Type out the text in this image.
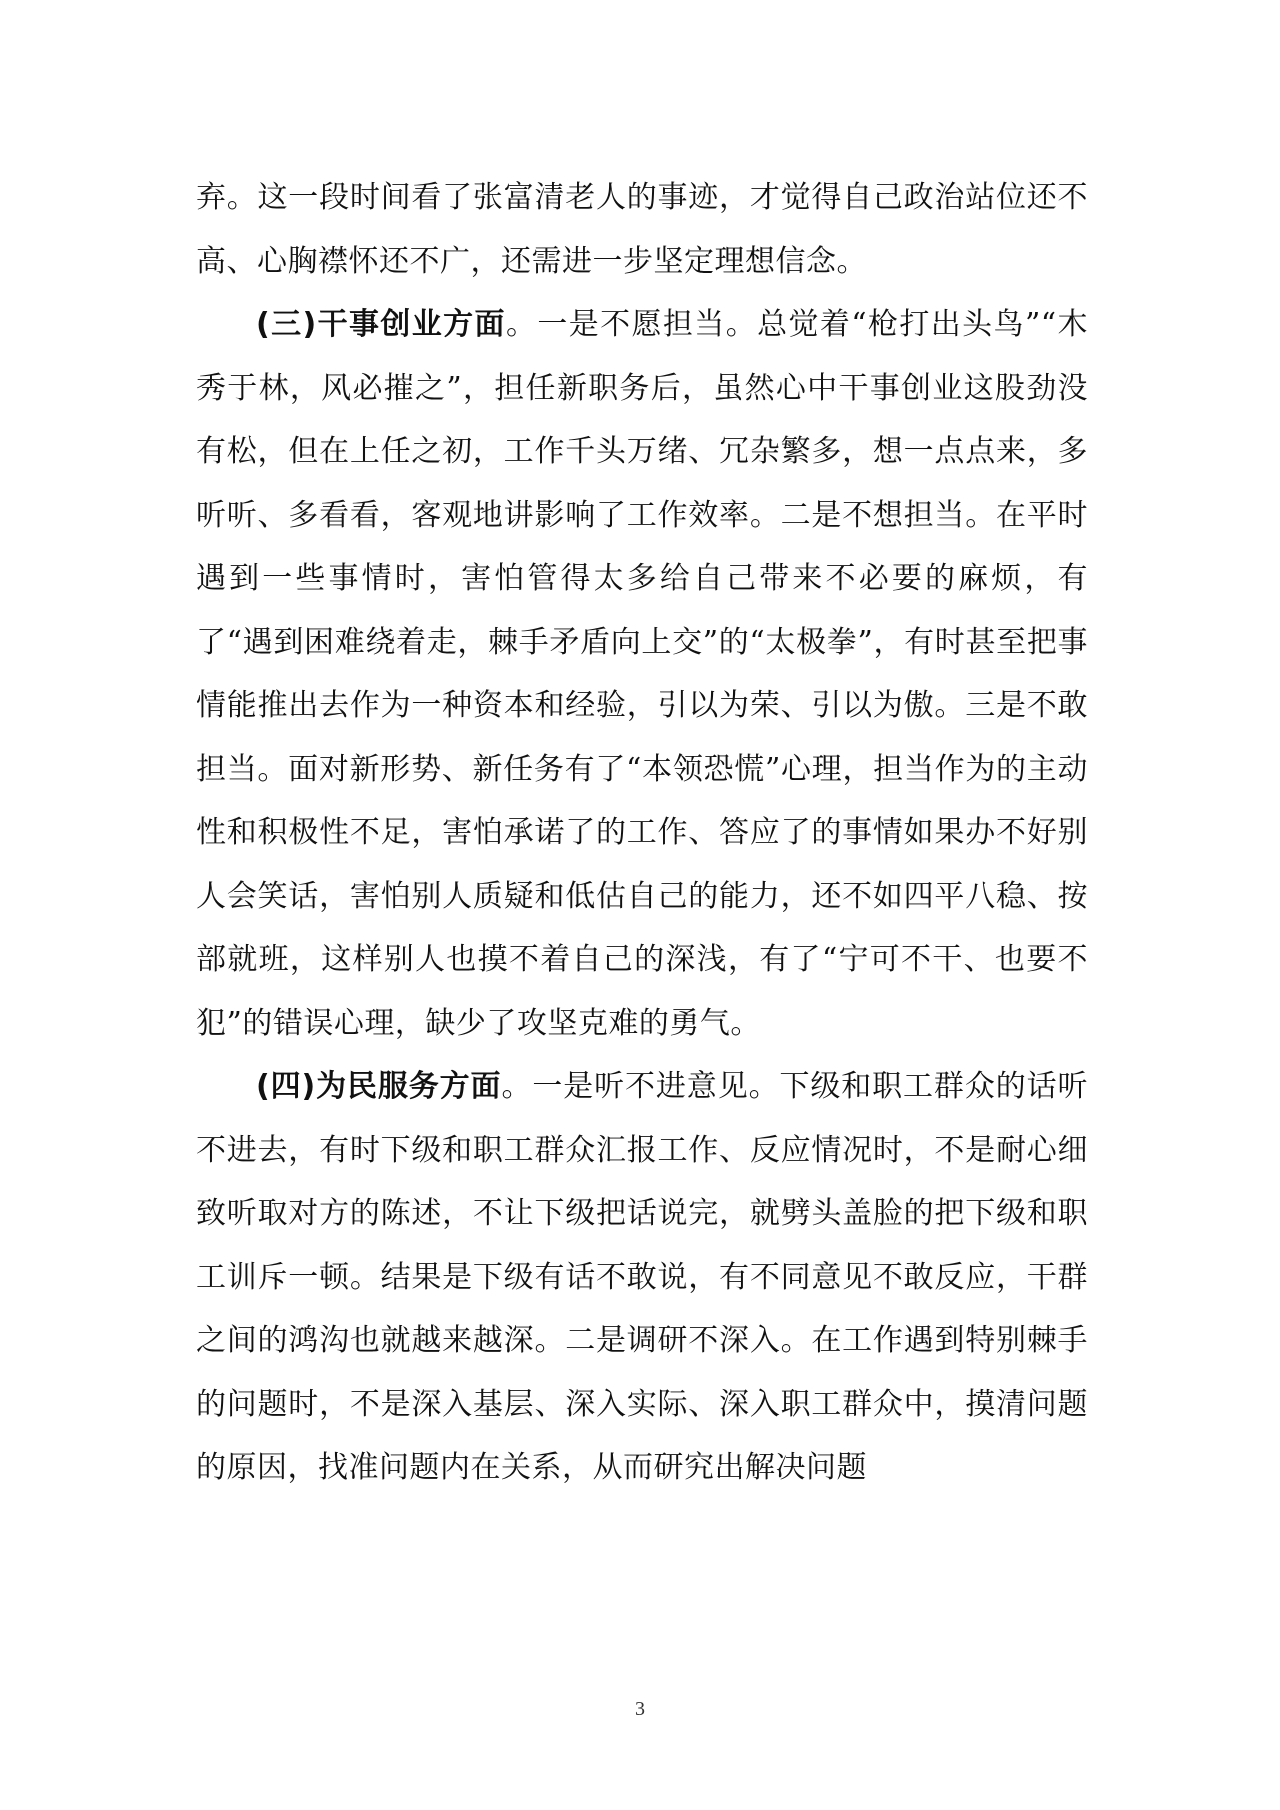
弃。这一段时间看了张富清老人的事迹，才觉得自己政治站位还不高、心胸襟怀还不广，还需进一步坚定理想信念。

(三)干事创业方面。一是不愿担当。总觉着“枪打出头鸟”“木秀于林，风必摧之”，担任新职务后，虽然心中干事创业这股劲没有松，但在上任之初，工作千头万绪、冗杂繁多，想一点点来，多听听、多看看，客观地讲影响了工作效率。二是不想担当。在平时遇到一些事情时，害怕管得太多给自己带来不必要的麻烦，有了“遇到困难绕着走，棘手矛盾向上交”的“太极拳”，有时甚至把事情能推出去作为一种资本和经验，引以为荣、引以为傲。三是不敢担当。面对新形势、新任务有了“本领恐慌”心理，担当作为的主动性和积极性不足，害怕承诺了的工作、答应了的事情如果办不好别人会笑话，害怕别人质疑和低估自己的能力，还不如四平八稳、按部就班，这样别人也摸不着自己的深浅，有了“宁可不干、也要不犯”的错误心理，缺少了攻坚克难的勇气。

(四)为民服务方面。一是听不进意见。下级和职工群众的话听不进去，有时下级和职工群众汇报工作、反应情况时，不是耐心细致听取对方的陈述，不让下级把话说完，就劈头盖脸的把下级和职工训斥一顿。结果是下级有话不敢说，有不同意见不敢反应，干群之间的鸿沟也就越来越深。二是调研不深入。在工作遇到特别棘手的问题时，不是深入基层、深入实际、深入职工群众中，摸清问题的原因，找准问题内在关系，从而研究出解决问题

3
